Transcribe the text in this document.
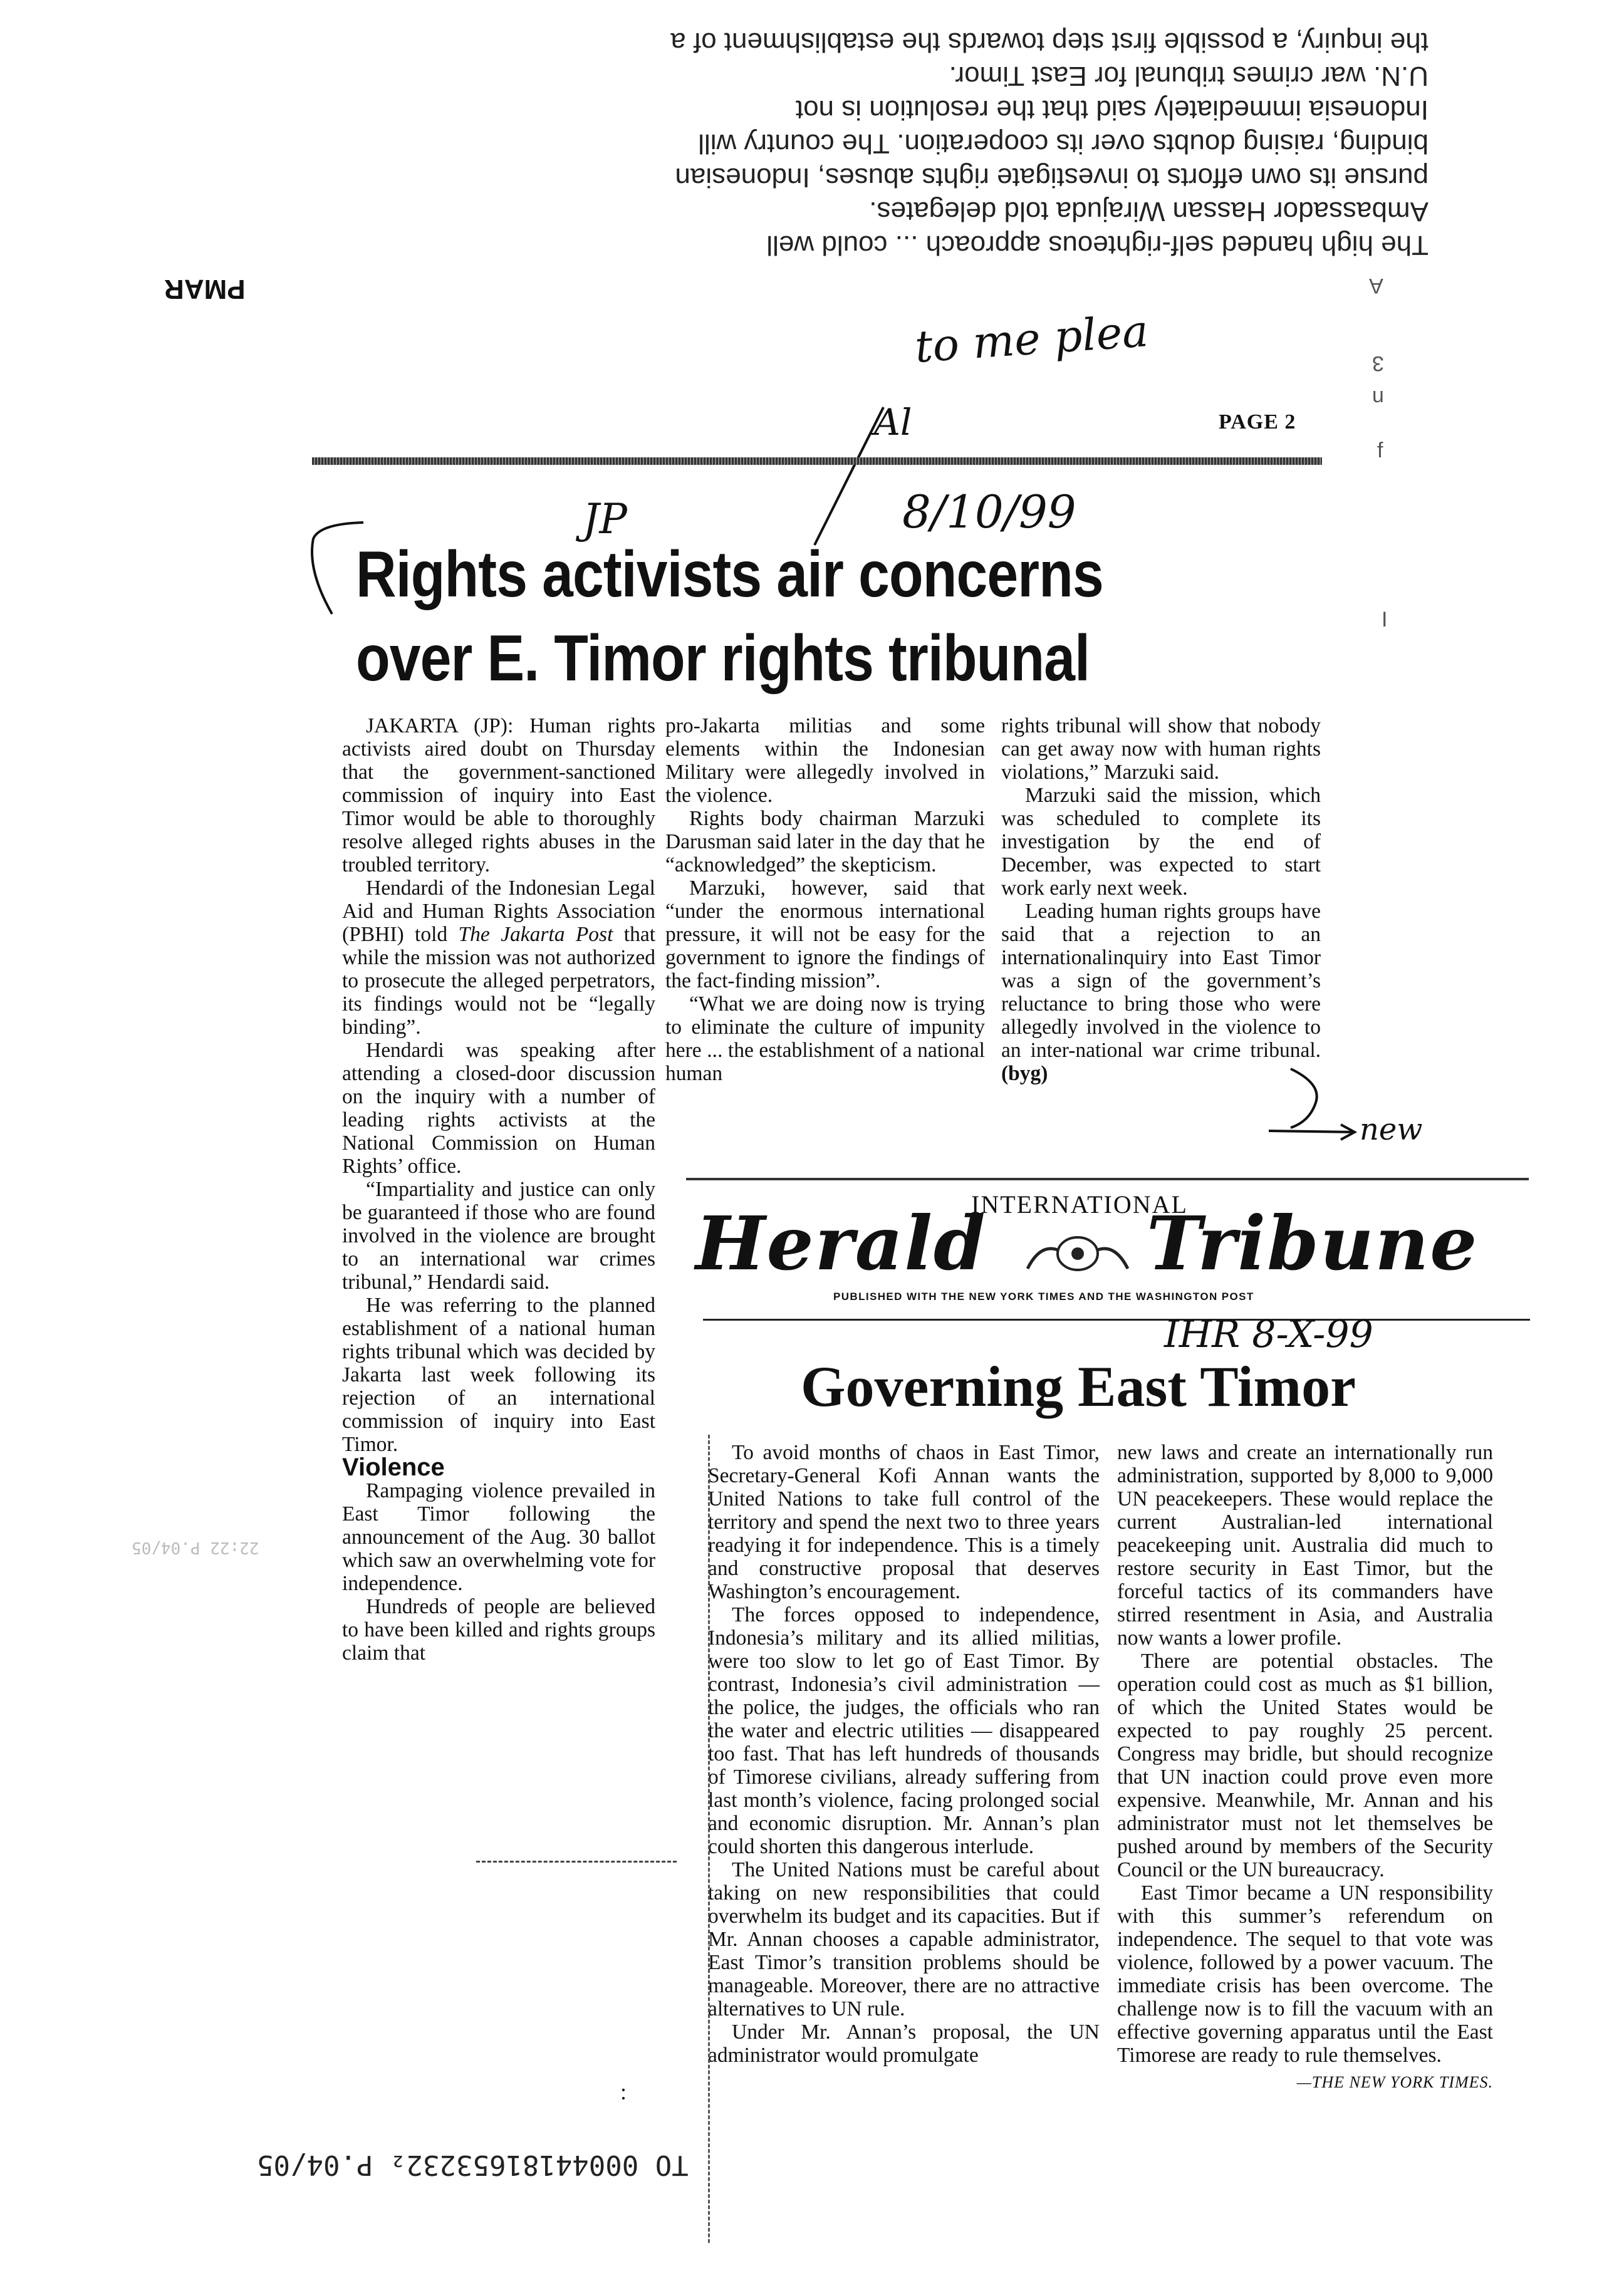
The high handed self-righteous approach ... could well
Ambassador Hassan Wirajuda told delegates.
pursue its own efforts to investigate rights abuses, Indonesian
binding, raising doubts over its cooperation. The country will
Indonesia immediately said that the resolution is not
U.N. war crimes tribunal for East Timor.
the inquiry, a possible first step towards the establishment of a
PMAR	A
3
n
f
I
to me plea
Al
JP	8/10/99
PAGE 2
Rights activists air concerns
over E. Timor rights tribunal

JAKARTA (JP): Human rights activists aired doubt on Thursday that the government-sanctioned commission of inquiry into East Timor would be able to thoroughly resolve alleged rights abuses in the troubled territory.

Hendardi of the Indonesian Legal Aid and Human Rights Association (PBHI) told The Jakarta Post that while the mission was not authorized to prosecute the alleged perpetrators, its findings would not be “legally binding”.

Hendardi was speaking after attending a closed-door discussion on the inquiry with a number of leading rights activists at the National Commission on Human Rights’ office.

“Impartiality and justice can only be guaranteed if those who are found involved in the violence are brought to an international war crimes tribunal,” Hendardi said.

He was referring to the planned establishment of a national human rights tribunal which was decided by Jakarta last week following its rejection of an international commission of inquiry into East Timor.

Violence

Rampaging violence prevailed in East Timor following the announcement of the Aug. 30 ballot which saw an overwhelming vote for independence.

Hundreds of people are believed to have been killed and rights groups claim that

pro-Jakarta militias and some elements within the Indonesian Military were allegedly involved in the violence.

Rights body chairman Marzuki Darusman said later in the day that he “acknowledged” the skepticism.

Marzuki, however, said that “under the enormous international pressure, it will not be easy for the government to ignore the findings of the fact-finding mission”.

“What we are doing now is trying to eliminate the culture of impunity here ... the establishment of a national human

rights tribunal will show that nobody can get away now with human rights violations,” Marzuki said.

Marzuki said the mission, which was scheduled to complete its investigation by the end of December, was expected to start work early next week.

Leading human rights groups have said that a rejection to an internationalinquiry into East Timor was a sign of the government’s reluctance to bring those who were allegedly involved in the violence to an inter-national war crime tribunal. (byg)

new
Herald
INTERNATIONAL
Tribune
PUBLISHED WITH THE NEW YORK TIMES AND THE WASHINGTON POST
IHR 8-X-99
Governing East Timor

To avoid months of chaos in East Timor, Secretary-General Kofi Annan wants the United Nations to take full control of the territory and spend the next two to three years readying it for independence. This is a timely and constructive proposal that deserves Washington’s encouragement.

The forces opposed to independence, Indonesia’s military and its allied militias, were too slow to let go of East Timor. By contrast, Indonesia’s civil administration — the police, the judges, the officials who ran the water and electric utilities — disappeared too fast. That has left hundreds of thousands of Timorese civilians, already suffering from last month’s violence, facing prolonged social and economic disruption. Mr. Annan’s plan could shorten this dangerous interlude.

The United Nations must be careful about taking on new responsibilities that could overwhelm its budget and its capacities. But if Mr. Annan chooses a capable administrator, East Timor’s transition problems should be manageable. Moreover, there are no attractive alternatives to UN rule.

Under Mr. Annan’s proposal, the UN administrator would promulgate

new laws and create an internationally run administration, supported by 8,000 to 9,000 UN peacekeepers. These would replace the current Australian-led international peacekeeping unit. Australia did much to restore security in East Timor, but the forceful tactics of its commanders have stirred resentment in Asia, and Australia now wants a lower profile.

There are potential obstacles. The operation could cost as much as $1 billion, of which the United States would be expected to pay roughly 25 percent. Congress may bridle, but should recognize that UN inaction could prove even more expensive. Meanwhile, Mr. Annan and his administrator must not let themselves be pushed around by members of the Security Council or the UN bureaucracy.

East Timor became a UN responsibility with this summer’s referendum on independence. The sequel to that vote was violence, followed by a power vacuum. The immediate crisis has been overcome. The challenge now is to fill the vacuum with an effective governing apparatus until the East Timorese are ready to rule themselves.

—THE NEW YORK TIMES.
:
22:22 P.04/05
TO 00044181653232₂ P.04/05
